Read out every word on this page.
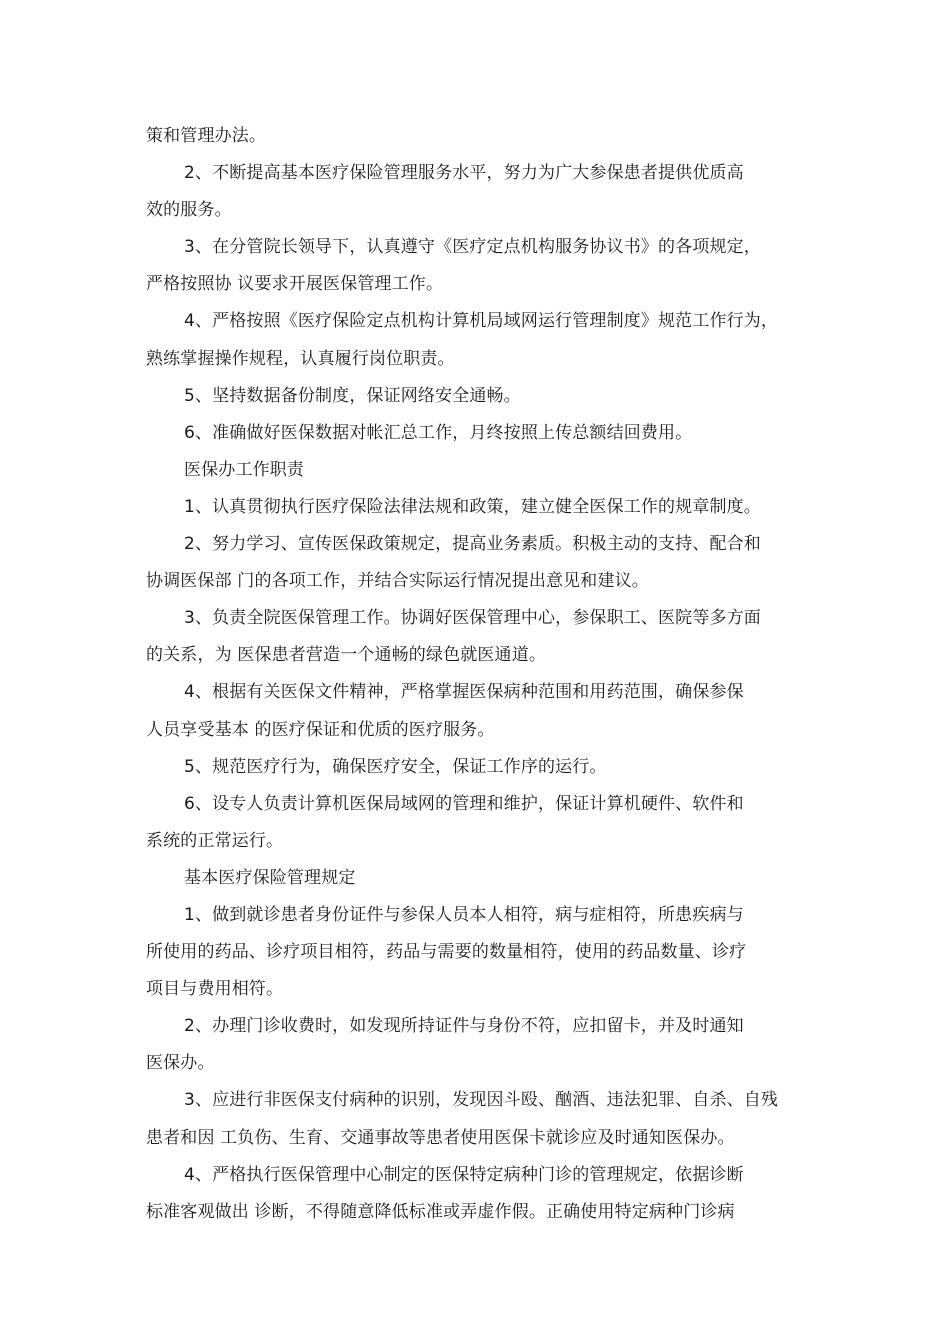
策和管理办法。
2、不断提高基本医疗保险管理服务水平，努力为广大参保患者提供优质高
效的服务。
3、在分管院长领导下，认真遵守《医疗定点机构服务协议书》的各项规定，
严格按照协 议要求开展医保管理工作。
4、严格按照《医疗保险定点机构计算机局域网运行管理制度》规范工作行为，
熟练掌握操作规程，认真履行岗位职责。
5、坚持数据备份制度，保证网络安全通畅。
6、准确做好医保数据对帐汇总工作，月终按照上传总额结回费用。
医保办工作职责
1、认真贯彻执行医疗保险法律法规和政策，建立健全医保工作的规章制度。
2、努力学习、宣传医保政策规定，提高业务素质。积极主动的支持、配合和
协调医保部 门的各项工作，并结合实际运行情况提出意见和建议。
3、负责全院医保管理工作。协调好医保管理中心，参保职工、医院等多方面
的关系，为 医保患者营造一个通畅的绿色就医通道。
4、根据有关医保文件精神，严格掌握医保病种范围和用药范围，确保参保
人员享受基本 的医疗保证和优质的医疗服务。
5、规范医疗行为，确保医疗安全，保证工作序的运行。
6、设专人负责计算机医保局域网的管理和维护，保证计算机硬件、软件和
系统的正常运行。
基本医疗保险管理规定
1、做到就诊患者身份证件与参保人员本人相符，病与症相符，所患疾病与
所使用的药品、诊疗项目相符，药品与需要的数量相符，使用的药品数量、诊疗
项目与费用相符。
2、办理门诊收费时，如发现所持证件与身份不符，应扣留卡，并及时通知
医保办。
3、应进行非医保支付病种的识别，发现因斗殴、酗酒、违法犯罪、自杀、自残
患者和因 工负伤、生育、交通事故等患者使用医保卡就诊应及时通知医保办。
4、严格执行医保管理中心制定的医保特定病种门诊的管理规定，依据诊断
标准客观做出 诊断，不得随意降低标准或弄虚作假。正确使用特定病种门诊病
